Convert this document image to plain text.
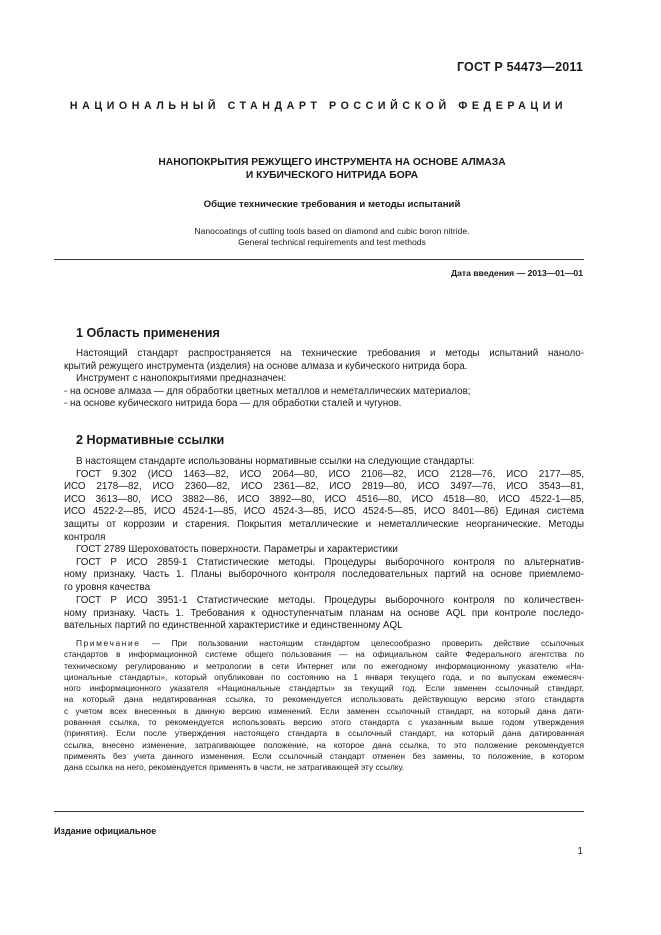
ГОСТ Р 54473—2011
НАЦИОНАЛЬНЫЙ СТАНДАРТ РОССИЙСКОЙ ФЕДЕРАЦИИ
НАНОПОКРЫТИЯ РЕЖУЩЕГО ИНСТРУМЕНТА НА ОСНОВЕ АЛМАЗА
И КУБИЧЕСКОГО НИТРИДА БОРА
Общие технические требования и методы испытаний
Nanocoatings of cutting tools based on diamond and cubic boron nitride.
General technical requirements and test methods
Дата введения — 2013—01—01
1 Область применения
Настоящий стандарт распространяется на технические требования и методы испытаний наноло-
крытий режущего инструмента (изделия) на основе алмаза и кубического нитрида бора.
Инструмент с нанопокрытиями предназначен:
- на основе алмаза — для обработки цветных металлов и неметаллических материалов;
- на основе кубического нитрида бора — для обработки сталей и чугунов.
2 Нормативные ссылки
В настоящем стандарте использованы нормативные ссылки на следующие стандарты:
ГОСТ 9.302 (ИСО 1463—82, ИСО 2064—80, ИСО 2106—82, ИСО 2128—76, ИСО 2177—85,
ИСО 2178—82, ИСО 2360—82, ИСО 2361—82, ИСО 2819—80, ИСО 3497—76, ИСО 3543—81,
ИСО 3613—80, ИСО 3882—86, ИСО 3892—80, ИСО 4516—80, ИСО 4518—80, ИСО 4522-1—85,
ИСО 4522-2—85, ИСО 4524-1—85, ИСО 4524-3—85, ИСО 4524-5—85, ИСО 8401—86) Единая система
защиты от коррозии и старения. Покрытия металлические и неметаллические неорганические. Методы
контроля
ГОСТ 2789 Шероховатость поверхности. Параметры и характеристики
ГОСТ Р ИСО 2859-1 Статистические методы. Процедуры выборочного контроля по альтернатив-
ному признаку. Часть 1. Планы выборочного контроля последовательных партий на основе приемлемо-
го уровня качества
ГОСТ Р ИСО 3951-1 Статистические методы. Процедуры выборочного контроля по количествен-
ному признаку. Часть 1. Требования к одноступенчатым планам на основе AQL при контроле последо-
вательных партий по единственной характеристике и единственному AQL
Примечание — При пользовании настоящим стандартом целесообразно проверить действие ссылочных
стандартов в информационной системе общего пользования — на официальном сайте Федерального агентства по
техническому регулированию и метрологии в сети Интернет или по ежегодному информационному указателю «На-
циональные стандарты», который опубликован по состоянию на 1 января текущего года, и по выпускам ежемесяч-
ного информационного указателя «Национальные стандарты» за текущий год. Если заменен ссылочный стандарт,
на который дана недатированная ссылка, то рекомендуется использовать действующую версию этого стандарта
с учетом всех внесенных в данную версию изменений. Если заменен ссылочный стандарт, на который дана дати-
рованная ссылка, то рекомендуется использовать версию этого стандарта с указанным выше годом утверждения
(принятия). Если после утверждения настоящего стандарта в ссылочный стандарт, на который дана датированная
ссылка, внесено изменение, затрагивающее положение, на которое дана ссылка, то это положение рекомендуется
применять без учета данного изменения. Если ссылочный стандарт отменен без замены, то положение, в котором
дана ссылка на него, рекомендуется применять в части, не затрагивающей эту ссылку.
Издание официальное
1
